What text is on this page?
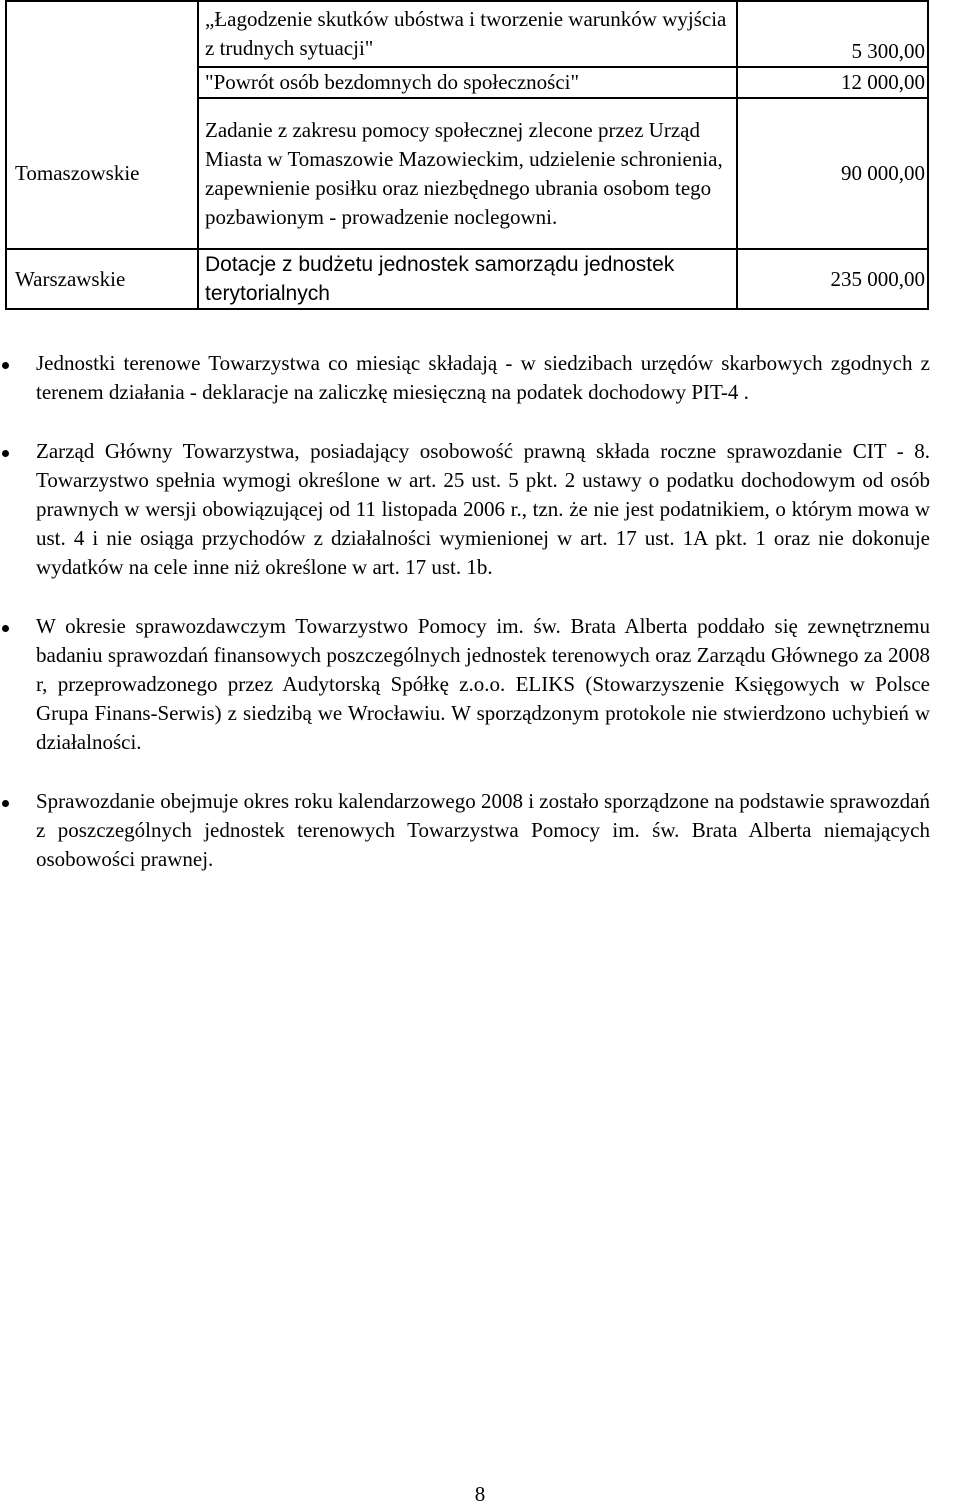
	„Łagodzenie skutków ubóstwa i tworzenie warunków wyjścia z trudnych sytuacji"	5 300,00
	"Powrót osób bezdomnych do społeczności"	12 000,00
Tomaszowskie	Zadanie z zakresu pomocy społecznej zlecone przez Urząd Miasta w Tomaszowie Mazowieckim, udzielenie schronienia, zapewnienie posiłku oraz niezbędnego ubrania osobom tego pozbawionym - prowadzenie noclegowni.	90 000,00
Warszawskie	Dotacje z budżetu jednostek samorządu jednostek terytorialnych	235 000,00
Jednostki terenowe Towarzystwa co miesiąc składają - w siedzibach urzędów skarbowych zgodnych z terenem działania - deklaracje na zaliczkę miesięczną na podatek dochodowy PIT-4 .
Zarząd Główny Towarzystwa, posiadający osobowość prawną składa roczne sprawozdanie CIT - 8. Towarzystwo spełnia wymogi określone w art. 25 ust. 5 pkt. 2 ustawy o podatku dochodowym od osób prawnych w wersji obowiązującej od 11 listopada 2006 r., tzn. że nie jest podatnikiem, o którym mowa w ust. 4 i nie osiąga przychodów z działalności wymienionej w art. 17 ust. 1A pkt. 1 oraz nie dokonuje wydatków na cele inne niż określone w art. 17 ust. 1b.
W okresie sprawozdawczym Towarzystwo Pomocy im. św. Brata Alberta poddało się zewnętrznemu badaniu sprawozdań finansowych poszczególnych jednostek terenowych oraz Zarządu Głównego za 2008 r, przeprowadzonego przez Audytorską Spółkę z.o.o. ELIKS (Stowarzyszenie Księgowych w Polsce Grupa Finans-Serwis) z siedzibą we Wrocławiu. W sporządzonym protokole nie stwierdzono uchybień w działalności.
Sprawozdanie obejmuje okres roku kalendarzowego 2008 i zostało sporządzone na podstawie sprawozdań z poszczególnych jednostek terenowych Towarzystwa Pomocy im. św. Brata Alberta niemających osobowości prawnej.
8
